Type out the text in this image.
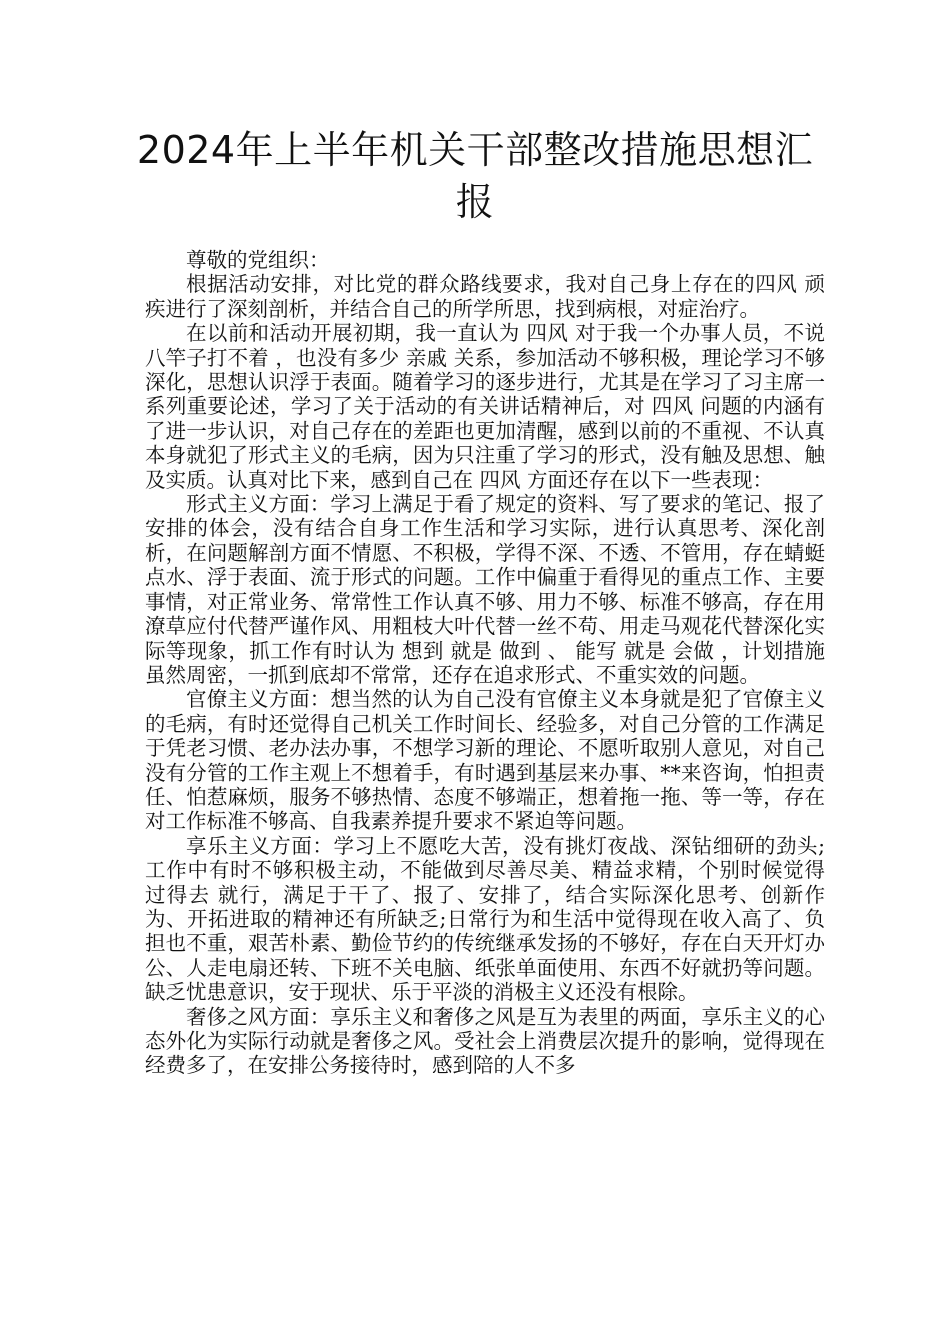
2024年上半年机关干部整改措施思想汇报

尊敬的党组织：

根据活动安排，对比党的群众路线要求，我对自己身上存在的四风 顽疾进行了深刻剖析，并结合自己的所学所思，找到病根，对症治疗。

在以前和活动开展初期，我一直认为 四风 对于我一个办事人员，不说 八竿子打不着 ，也没有多少 亲戚 关系，参加活动不够积极，理论学习不够深化，思想认识浮于表面。随着学习的逐步进行，尤其是在学习了习主席一系列重要论述，学习了关于活动的有关讲话精神后，对 四风 问题的内涵有了进一步认识，对自己存在的差距也更加清醒，感到以前的不重视、不认真本身就犯了形式主义的毛病，因为只注重了学习的形式，没有触及思想、触及实质。认真对比下来，感到自己在 四风 方面还存在以下一些表现：

形式主义方面：学习上满足于看了规定的资料、写了要求的笔记、报了安排的体会，没有结合自身工作生活和学习实际，进行认真思考、深化剖析，在问题解剖方面不情愿、不积极，学得不深、不透、不管用，存在蜻蜓点水、浮于表面、流于形式的问题。工作中偏重于看得见的重点工作、主要事情，对正常业务、常常性工作认真不够、用力不够、标准不够高，存在用潦草应付代替严谨作风、用粗枝大叶代替一丝不苟、用走马观花代替深化实际等现象，抓工作有时认为 想到 就是 做到 、 能写 就是 会做 ，计划措施虽然周密，一抓到底却不常常，还存在追求形式、不重实效的问题。

官僚主义方面：想当然的认为自己没有官僚主义本身就是犯了官僚主义的毛病，有时还觉得自己机关工作时间长、经验多，对自己分管的工作满足于凭老习惯、老办法办事，不想学习新的理论、不愿听取别人意见，对自己没有分管的工作主观上不想着手，有时遇到基层来办事、**来咨询，怕担责任、怕惹麻烦，服务不够热情、态度不够端正，想着拖一拖、等一等，存在对工作标准不够高、自我素养提升要求不紧迫等问题。

享乐主义方面：学习上不愿吃大苦，没有挑灯夜战、深钻细研的劲头;工作中有时不够积极主动，不能做到尽善尽美、精益求精，个别时候觉得 过得去 就行，满足于干了、报了、安排了，结合实际深化思考、创新作为、开拓进取的精神还有所缺乏;日常行为和生活中觉得现在收入高了、负担也不重，艰苦朴素、勤俭节约的传统继承发扬的不够好，存在白天开灯办公、人走电扇还转、下班不关电脑、纸张单面使用、东西不好就扔等问题。缺乏忧患意识，安于现状、乐于平淡的消极主义还没有根除。

奢侈之风方面：享乐主义和奢侈之风是互为表里的两面，享乐主义的心态外化为实际行动就是奢侈之风。受社会上消费层次提升的影响，觉得现在经费多了，在安排公务接待时，感到陪的人不多
